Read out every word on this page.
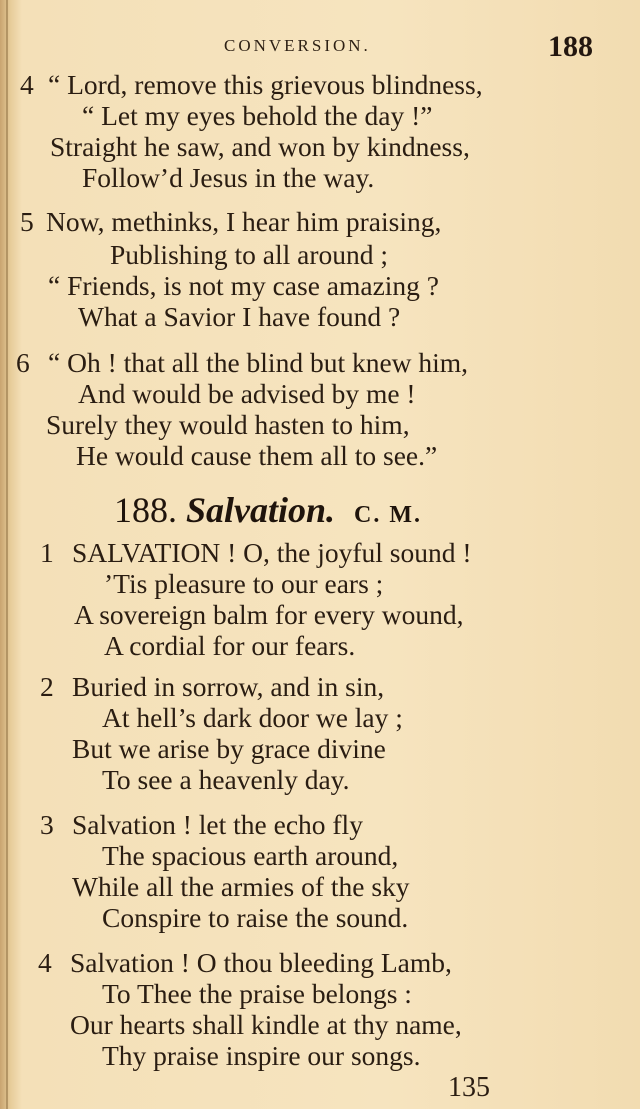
CONVERSION.	188
4 “ Lord, remove this grievous blindness,
“ Let my eyes behold the day !”
Straight he saw, and won by kindness,
Follow’d Jesus in the way.
5 Now, methinks, I hear him praising,
Publishing to all around ;
“ Friends, is not my case amazing ?
What a Savior I have found ?
6 “ Oh ! that all the blind but knew him,
And would be advised by me !
Surely they would hasten to him,
He would cause them all to see.”
188. Salvation. C. M.
1 SALVATION ! O, the joyful sound !
’Tis pleasure to our ears ;
A sovereign balm for every wound,
A cordial for our fears.
2 Buried in sorrow, and in sin,
At hell’s dark door we lay ;
But we arise by grace divine
To see a heavenly day.
3 Salvation ! let the echo fly
The spacious earth around,
While all the armies of the sky
Conspire to raise the sound.
4 Salvation ! O thou bleeding Lamb,
To Thee the praise belongs :
Our hearts shall kindle at thy name,
Thy praise inspire our songs.
135
